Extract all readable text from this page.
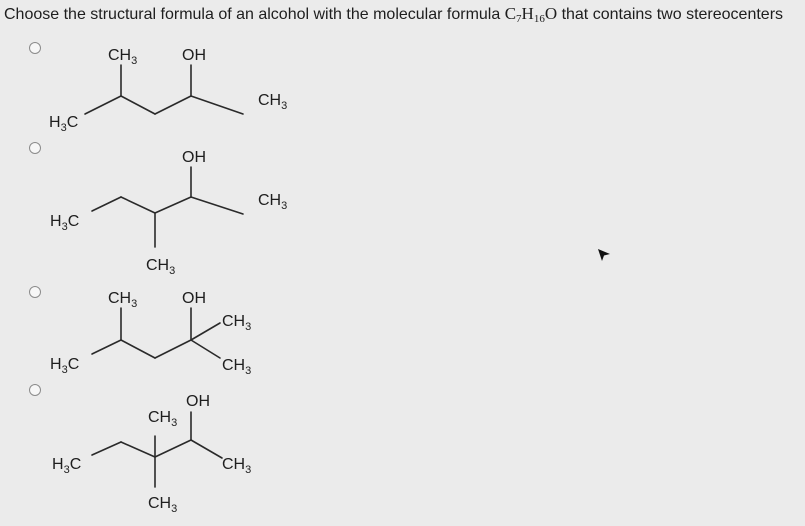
Choose the structural formula of an alcohol with the molecular formula $C_7H_{16}O$ that contains two stereocenters
$CH_3$	OH
$CH_3$
$H_3C$
OH
$CH_3$
$H_3C$
$CH_3$
$CH_3$	OH
$CH_3$
$H_3C$	$CH_3$
OH
$CH_3$
$H_3C$	$CH_3$
$CH_3$
